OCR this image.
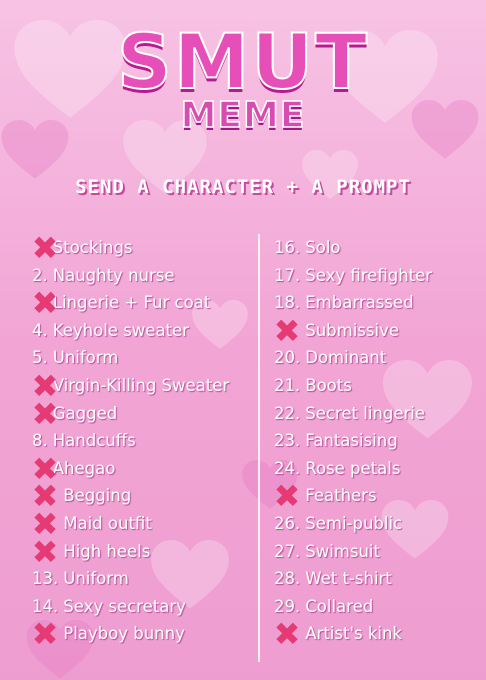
SMUT
MEME
SEND A CHARACTER + A PROMPT
Stockings
✖
2. Naughty nurse
Lingerie + Fur coat
✖
4. Keyhole sweater
5. Uniform
Virgin-Killing Sweater
✖
Gagged
✖
8. Handcuffs
Ahegao
✖
Begging
✖
Maid outfit
✖
High heels
✖
13. Uniform
14. Sexy secretary
Playboy bunny
✖
16. Solo
17. Sexy firefighter
18. Embarrassed
Submissive
✖
20. Dominant
21. Boots
22. Secret lingerie
23. Fantasising
24. Rose petals
Feathers
✖
26. Semi-public
27. Swimsuit
28. Wet t-shirt
29. Collared
Artist's kink
✖
